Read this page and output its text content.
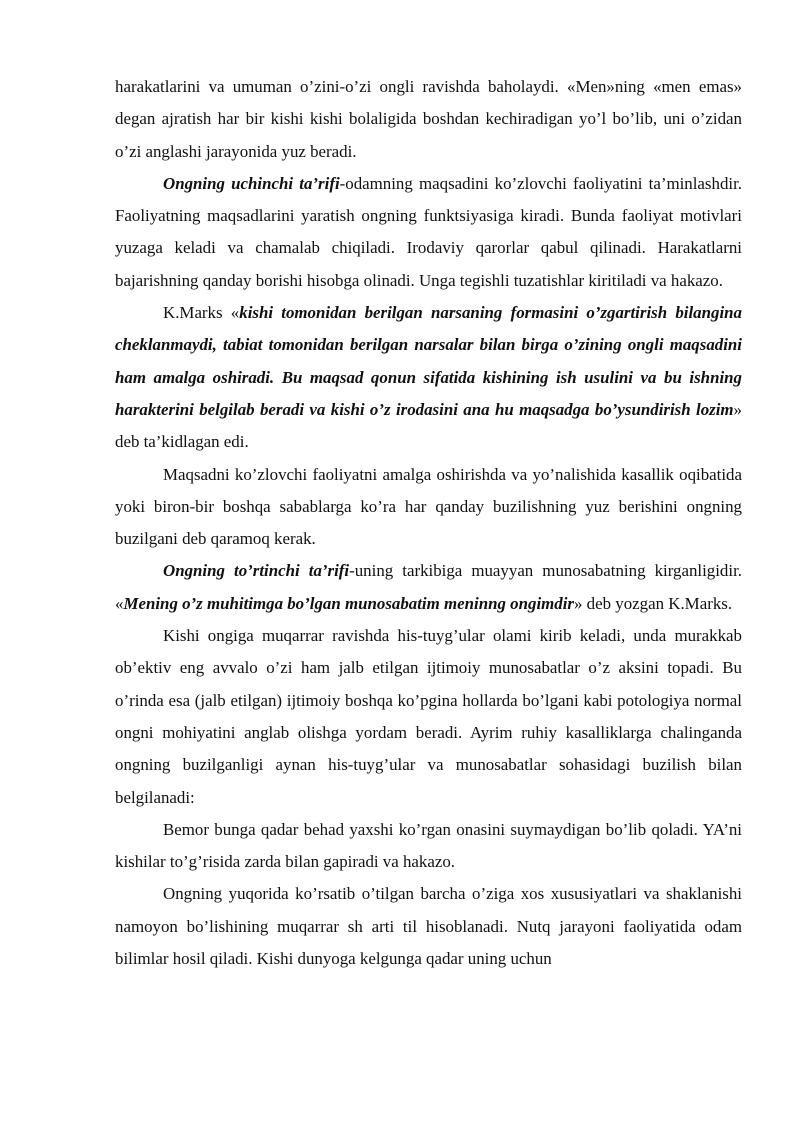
harakatlarini va umuman o’zini-o’zi ongli ravishda baholaydi. «Men»ning «men emas» degan ajratish har bir kishi kishi bolaligida boshdan kechiradigan yo’l bo’lib, uni o’zidan o’zi anglashi jarayonida yuz beradi.

Ongning uchinchi ta’rifi-odamning maqsadini ko’zlovchi faoliyatini ta’minlashdir. Faoliyatning maqsadlarini yaratish ongning funktsiyasiga kiradi. Bunda faoliyat motivlari yuzaga keladi va chamalab chiqiladi. Irodaviy qarorlar qabul qilinadi. Harakatlarni bajarishning qanday borishi hisobga olinadi. Unga tegishli tuzatishlar kiritiladi va hakazo.

K.Marks «kishi tomonidan berilgan narsaning formasini o’zgartirish bilangina cheklanmaydi, tabiat tomonidan berilgan narsalar bilan birga o’zining ongli maqsadini ham amalga oshiradi. Bu maqsad qonun sifatida kishining ish usulini va bu ishning harakterini belgilab beradi va kishi o’z irodasini ana hu maqsadga bo’ysundirish lozim» deb ta’kidlagan edi.

Maqsadni ko’zlovchi faoliyatni amalga oshirishda va yo’nalishida kasallik oqibatida yoki biron-bir boshqa sabablarga ko’ra har qanday buzilishning yuz berishini ongning buzilgani deb qaramoq kerak.

Ongning to’rtinchi ta’rifi-uning tarkibiga muayyan munosabatning kirganligidir. «Mening o’z muhitimga bo’lgan munosabatim meninng ongimdir» deb yozgan K.Marks.

Kishi ongiga muqarrar ravishda his-tuyg’ular olami kirib keladi, unda murakkab ob’ektiv eng avvalo o’zi ham jalb etilgan ijtimoiy munosabatlar o’z aksini topadi. Bu o’rinda esa (jalb etilgan) ijtimoiy boshqa ko’pgina hollarda bo’lgani kabi potologiya normal ongni mohiyatini anglab olishga yordam beradi. Ayrim ruhiy kasalliklarga chalinganda ongning buzilganligi aynan his-tuyg’ular va munosabatlar sohasidagi buzilish bilan belgilanadi:

Bemor bunga qadar behad yaxshi ko’rgan onasini suymaydigan bo’lib qoladi. YA’ni kishilar to’g’risida zarda bilan gapiradi va hakazo.

Ongning yuqorida ko’rsatib o’tilgan barcha o’ziga xos xususiyatlari va shaklanishi namoyon bo’lishining muqarrar sh arti til hisoblanadi. Nutq jarayoni faoliyatida odam bilimlar hosil qiladi. Kishi dunyoga kelgunga qadar uning uchun
